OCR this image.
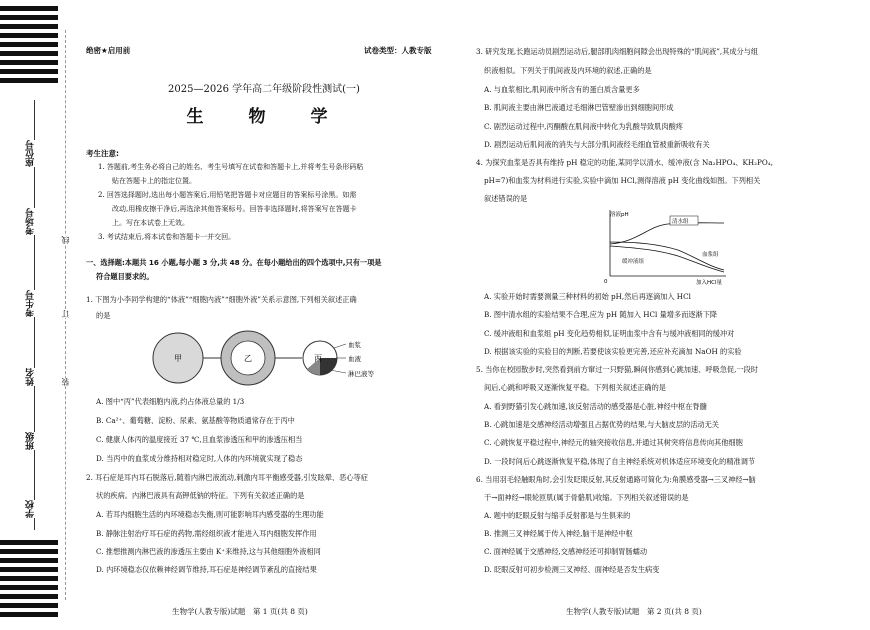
座位号
考场号
考生号
姓名
班级
学校
线
订
装
绝密★启用前	试卷类型：人教专版
2025—2026 学年高二年级阶段性测试(一)
生　物　学
考生注意:
1. 答题前,考生务必将自己的姓名、考生号填写在试卷和答题卡上,并将考生号条形码粘
贴在答题卡上的指定位置。
2. 回答选择题时,选出每小题答案后,用铅笔把答题卡对应题目的答案标号涂黑。如需
改动,用橡皮擦干净后,再选涂其他答案标号。回答非选择题时,将答案写在答题卡
上。写在本试卷上无效。
3. 考试结束后,将本试卷和答题卡一并交回。
一、选择题:本题共 16 小题,每小题 3 分,共 48 分。在每小题给出的四个选项中,只有一项是
符合题目要求的。
1. 下图为小李同学构建的“体液”“细胞内液”“细胞外液”关系示意图,下列相关叙述正确
的是
甲	乙	丙
血浆
血液
淋巴液等
A. 图中“丙”代表细胞内液,约占体液总量的 1/3
B. Ca²⁺、葡萄糖、淀粉、尿素、氨基酸等物质通常存在于丙中
C. 健康人体丙的温度接近 37 ℃,且血浆渗透压和甲的渗透压相当
D. 当丙中的血浆成分维持相对稳定时,人体的内环境就实现了稳态
2. 耳石症是耳内耳石脱落后,随着内淋巴液流动,刺激内耳平衡感受器,引发眩晕、恶心等症
状的疾病。内淋巴液具有高钾低钠的特征。下列有关叙述正确的是
A. 若耳内细胞生活的内环境稳态失衡,则可能影响耳内感受器的生理功能
B. 静脉注射治疗耳石症的药物,需经组织液才能进入耳内细胞发挥作用
C. 推想推测内淋巴液的渗透压主要由 K⁺来维持,这与其他细胞外液相同
D. 内环境稳态仅依赖神经调节维持,耳石症是神经调节紊乱的直接结果
生物学(人教专版)试题　第 1 页(共 8 页)
3. 研究发现,长跑运动员剧烈运动后,腿部肌肉细胞间隙会出现特殊的“肌间液”,其成分与组
织液相似。下列关于肌间液及内环境的叙述,正确的是
A. 与血浆相比,肌间液中所含有的蛋白质含量更多
B. 肌间液主要由淋巴液通过毛细淋巴管壁渗出到细胞间形成
C. 剧烈运动过程中,丙酮酸在肌间液中转化为乳酸导致肌肉酸疼
D. 剧烈运动后肌间液的消失与大部分肌间液经毛细血管被重新吸收有关
4. 为探究血浆是否具有维持 pH 稳定的功能,某同学以清水、缓冲液(含 Na₂HPO₄、KH₂PO₄,
pH=7)和血浆为材料进行实验,实验中滴加 HCl,测得溶液 pH 变化曲线如图。下列相关
叙述错误的是
溶液pH
加入HCl量
0
清水组
血浆组
缓冲液组
A. 实验开始时需要测量三种材料的初始 pH,然后再逐滴加入 HCl
B. 图中清水组的实验结果不合理,应为 pH 随加入 HCl 量增多而逐渐下降
C. 缓冲液组和血浆组 pH 变化趋势相似,证明血浆中含有与缓冲液相同的缓冲对
D. 根据该实验的实验目的判断,若要使该实验更完善,还应补充滴加 NaOH 的实验
5. 当你在校园散步时,突然看到前方窜过一只野猫,瞬间你感到心跳加速、呼吸急促,一段时
间后,心跳和呼吸又逐渐恢复平稳。下列相关叙述正确的是
A. 看到野猫引发心跳加速,该反射活动的感受器是心脏,神经中枢在脊髓
B. 心跳加速是交感神经活动增强且占据优势的结果,与大脑皮层的活动无关
C. 心跳恢复平稳过程中,神经元的轴突接收信息,并通过其树突将信息传向其他细胞
D. 一段时间后心跳逐渐恢复平稳,体现了自主神经系统对机体适应环境变化的精准调节
6. 当用羽毛轻触眼角时,会引发眨眼反射,其反射通路可简化为:角膜感受器→三叉神经→脑
干→面神经→眼轮匝肌(属于骨骼肌)收缩。下列相关叙述错误的是
A. 题中的眨眼反射与缩手反射都是与生俱来的
B. 推测三叉神经属于传入神经,脑干是神经中枢
C. 面神经属于交感神经,交感神经还可抑制胃肠蠕动
D. 眨眼反射可初步检测三叉神经、面神经是否发生病变
生物学(人教专版)试题　第 2 页(共 8 页)
